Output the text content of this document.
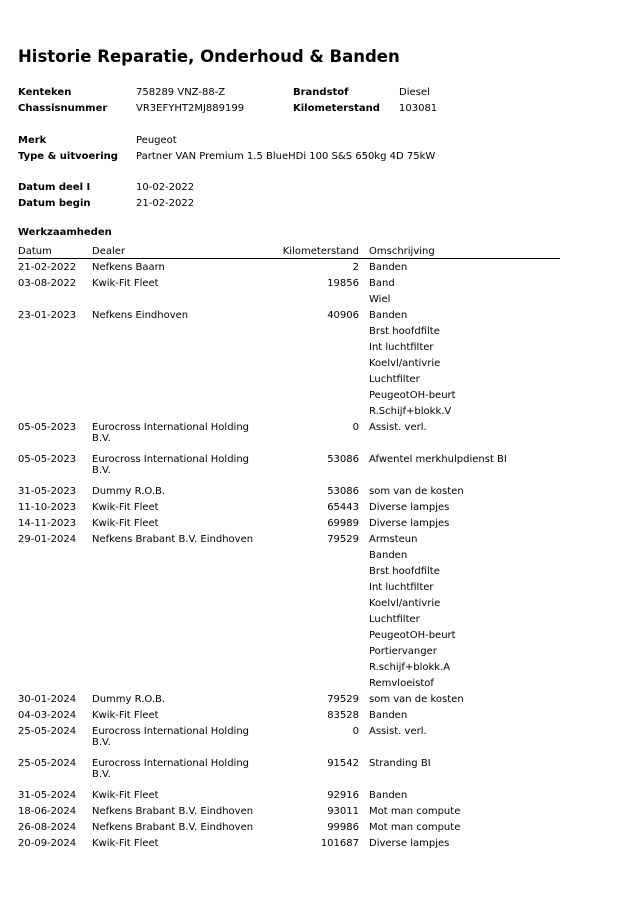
Historie Reparatie, Onderhoud & Banden
Kenteken	758289 VNZ-88-Z	Brandstof	Diesel
Chassisnummer	VR3EFYHT2MJ889199	Kilometerstand 103081
Merk	Peugeot
Type & uitvoering Partner VAN Premium 1.5 BlueHDi 100 S&S 650kg 4D 75kW
Datum deel I	10-02-2022
Datum begin	21-02-2022
Werkzaamheden
Datum	Dealer	Kilometerstand Omschrijving
21-02-2022 Nefkens Baarn	2 Banden
03-08-2022 Kwik-Fit Fleet	19856 Band
Wiel
23-01-2023 Nefkens Eindhoven	40906 Banden
Brst hoofdfilte
Int luchtfilter
Koelvl/antivrie
Luchtfilter
PeugeotOH-beurt
R.Schijf+blokk.V
05-05-2023 Eurocross International Holding B.V.
0 Assist. verl.
05-05-2023 Eurocross International Holding B.V.
53086 Afwentel merkhulpdienst BI
31-05-2023 Dummy R.O.B.	53086 som van de kosten
11-10-2023 Kwik-Fit Fleet	65443 Diverse lampjes
14-11-2023 Kwik-Fit Fleet	69989 Diverse lampjes
29-01-2024 Nefkens Brabant B.V. Eindhoven	79529 Armsteun
Banden
Brst hoofdfilte
Int luchtfilter
Koelvl/antivrie
Luchtfilter
PeugeotOH-beurt
Portiervanger
R.schijf+blokk.A
Remvloeistof
30-01-2024 Dummy R.O.B.	79529 som van de kosten
04-03-2024 Kwik-Fit Fleet	83528 Banden
25-05-2024 Eurocross International Holding B.V.
0 Assist. verl.
25-05-2024 Eurocross International Holding B.V.
91542 Stranding BI
31-05-2024 Kwik-Fit Fleet	92916 Banden
18-06-2024 Nefkens Brabant B.V. Eindhoven	93011 Mot man compute
26-08-2024 Nefkens Brabant B.V. Eindhoven	99986 Mot man compute
20-09-2024 Kwik-Fit Fleet	101687 Diverse lampjes
